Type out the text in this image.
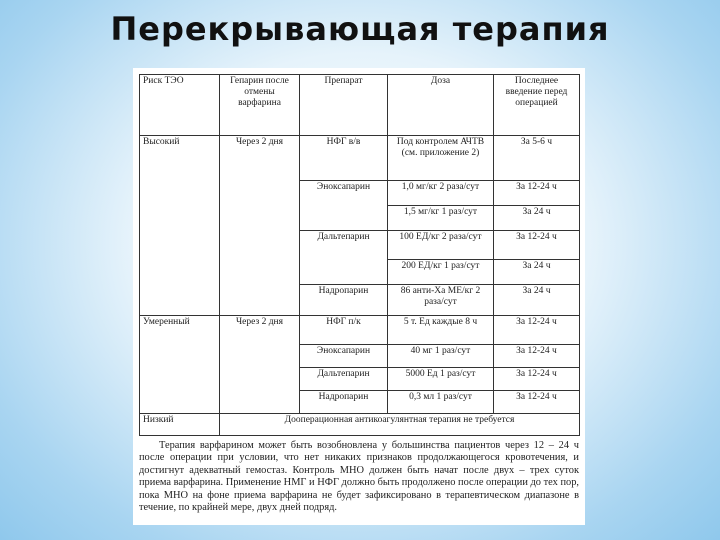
Перекрывающая терапия
Риск ТЭО	Гепарин после отмены варфарина	Препарат	Доза	Последнее введение перед операцией
Высокий	Через 2 дня	НФГ в/в	Под контролем АЧТВ (см. приложение 2)	За 5-6 ч
		Эноксапарин	1,0 мг/кг 2 раза/сут	За 12-24 ч
			1,5 мг/кг 1 раз/сут	За 24 ч
		Дальтепарин	100 ЕД/кг 2 раза/сут	За 12-24 ч
			200 ЕД/кг 1 раз/сут	За 24 ч
		Надропарин	86 анти-Ха МЕ/кг 2 раза/сут	За 24 ч
Умеренный	Через 2 дня	НФГ п/к	5 т. Ед каждые 8 ч	За 12-24 ч
		Эноксапарин	40 мг 1 раз/сут	За 12-24 ч
		Дальтепарин	5000 Ед 1 раз/сут	За 12-24 ч
		Надропарин	0,3 мл 1 раз/сут	За 12-24 ч
Низкий	Дооперационная антикоагулянтная терапия не требуется			

Терапия варфарином может быть возобновлена у большинства пациентов через 12 – 24 ч после операции при условии, что нет никаких признаков продолжающегося кровотечения, и достигнут адекватный гемостаз. Контроль МНО должен быть начат после двух – трех суток приема варфарина. Применение НМГ и НФГ должно быть продолжено после операции до тех пор, пока МНО на фоне приема варфарина не будет зафиксировано в терапевтическом диапазоне в течение, по крайней мере, двух дней подряд.
